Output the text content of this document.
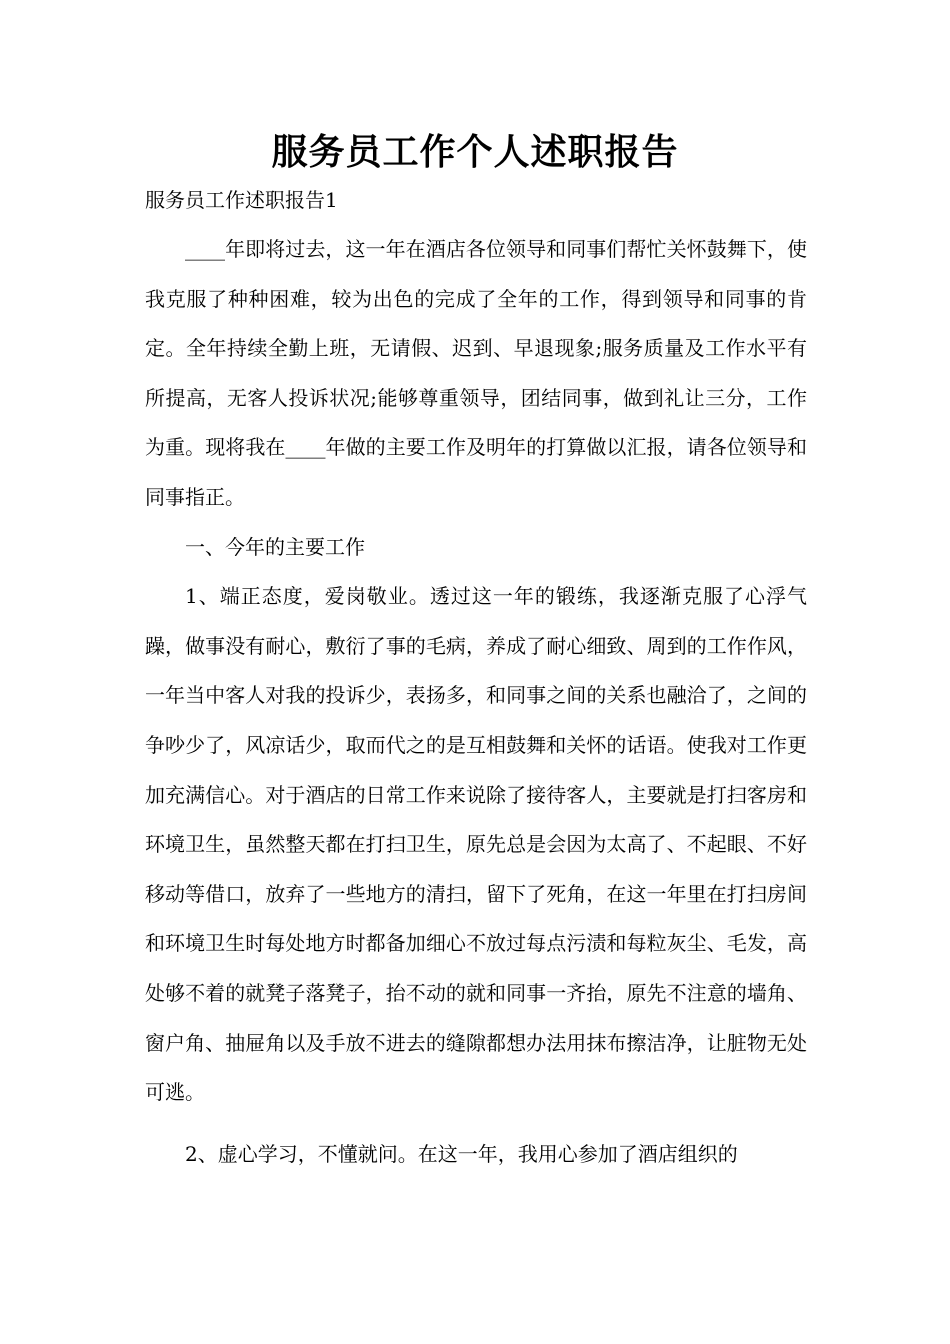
服务员工作个人述职报告
服务员工作述职报告1

____年即将过去，这一年在酒店各位领导和同事们帮忙关怀鼓舞下，使我克服了种种困难，较为出色的完成了全年的工作，得到领导和同事的肯定。全年持续全勤上班，无请假、迟到、早退现象;服务质量及工作水平有所提高，无客人投诉状况;能够尊重领导，团结同事，做到礼让三分，工作为重。现将我在____年做的主要工作及明年的打算做以汇报，请各位领导和同事指正。

一、今年的主要工作

1、端正态度，爱岗敬业。透过这一年的锻练，我逐渐克服了心浮气躁，做事没有耐心，敷衍了事的毛病，养成了耐心细致、周到的工作作风，一年当中客人对我的投诉少，表扬多，和同事之间的关系也融洽了，之间的争吵少了，风凉话少，取而代之的是互相鼓舞和关怀的话语。使我对工作更加充满信心。对于酒店的日常工作来说除了接待客人，主要就是打扫客房和环境卫生，虽然整天都在打扫卫生，原先总是会因为太高了、不起眼、不好移动等借口，放弃了一些地方的清扫，留下了死角，在这一年里在打扫房间和环境卫生时每处地方时都备加细心不放过每点污渍和每粒灰尘、毛发，高处够不着的就凳子落凳子，抬不动的就和同事一齐抬，原先不注意的墙角、窗户角、抽屉角以及手放不进去的缝隙都想办法用抹布擦洁净，让脏物无处可逃。

2、虚心学习，不懂就问。在这一年，我用心参加了酒店组织的
